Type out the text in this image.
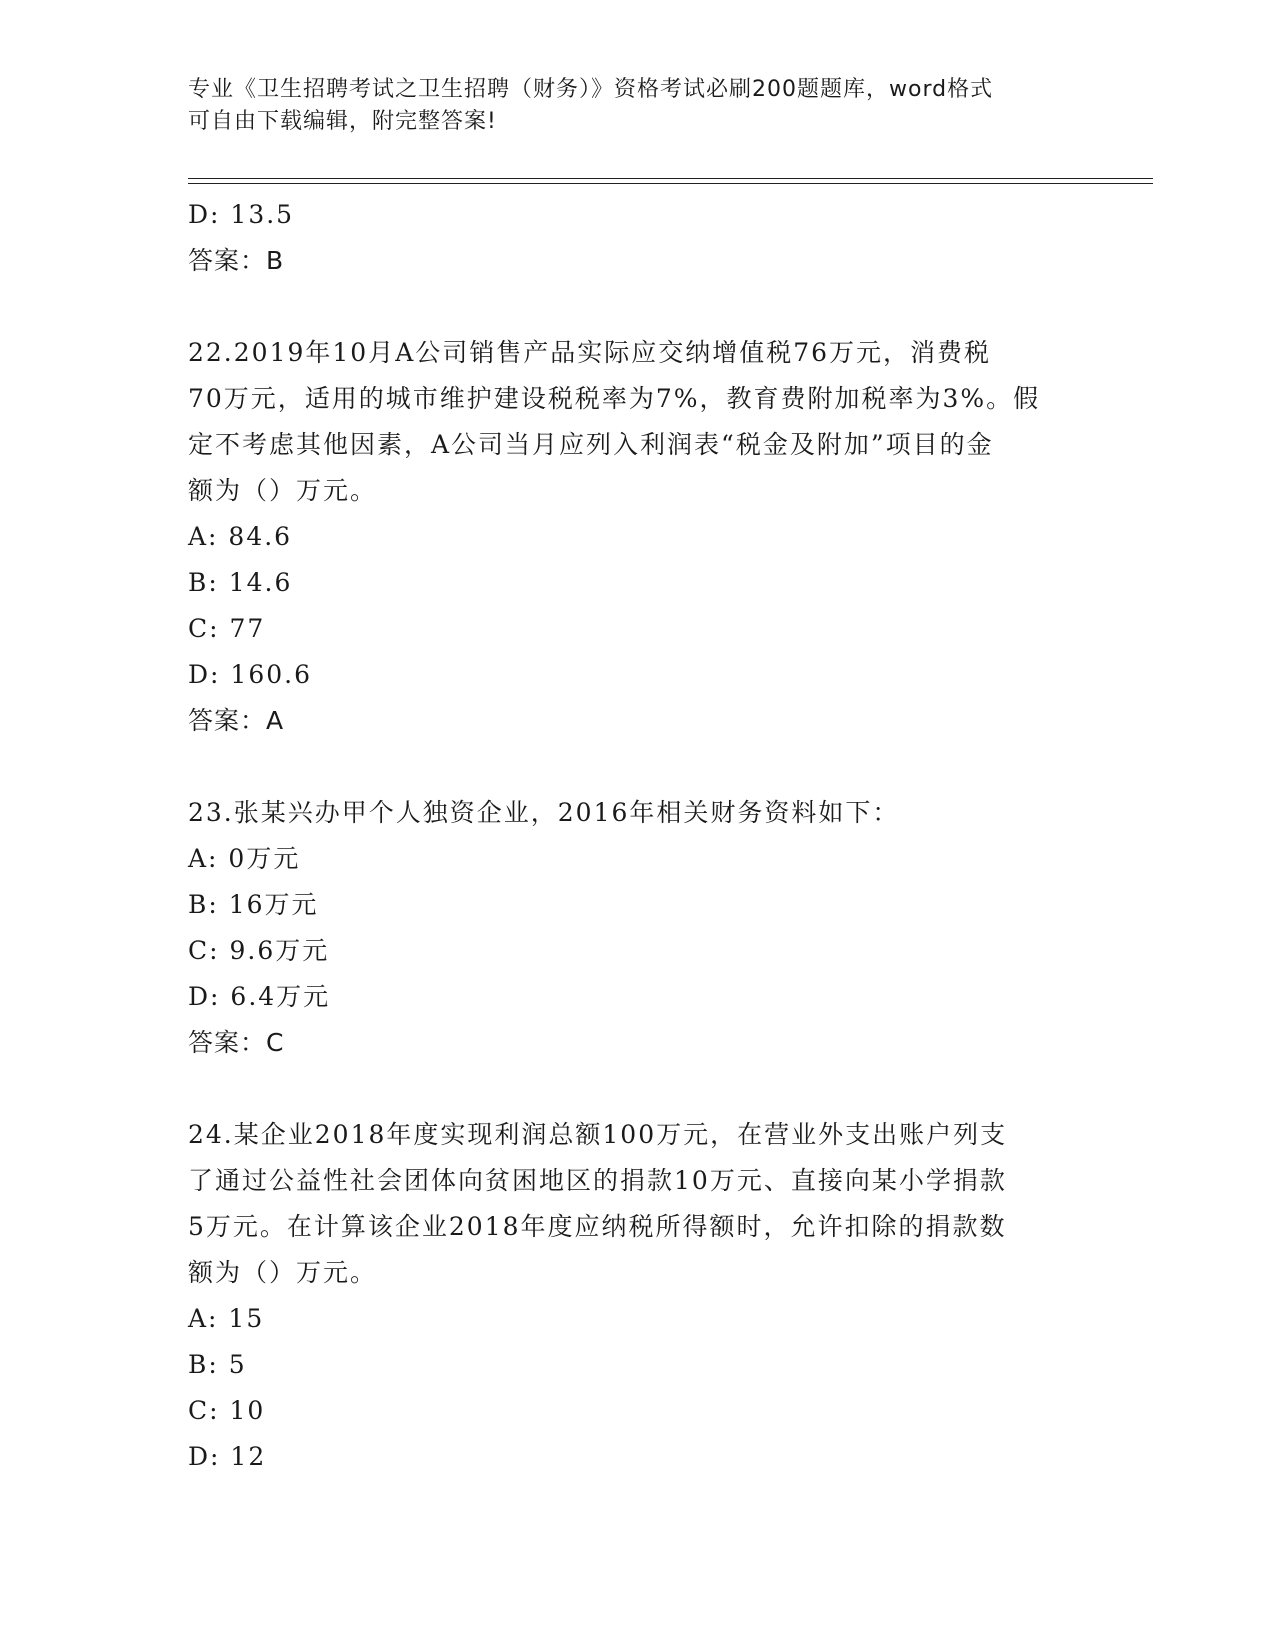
专业《卫生招聘考试之卫生招聘（财务）》资格考试必刷200题题库，word格式
可自由下载编辑，附完整答案!
D: 13.5
答案：B
22.2019年10月A公司销售产品实际应交纳增值税76万元，消费税
70万元，适用的城市维护建设税税率为7%，教育费附加税率为3%。假
定不考虑其他因素，A公司当月应列入利润表“税金及附加”项目的金
额为（）万元。
A: 84.6
B: 14.6
C: 77
D: 160.6
答案：A
23.张某兴办甲个人独资企业，2016年相关财务资料如下：
A: 0万元
B: 16万元
C: 9.6万元
D: 6.4万元
答案：C
24.某企业2018年度实现利润总额100万元，在营业外支出账户列支
了通过公益性社会团体向贫困地区的捐款10万元、直接向某小学捐款
5万元。在计算该企业2018年度应纳税所得额时，允许扣除的捐款数
额为（）万元。
A: 15
B: 5
C: 10
D: 12
